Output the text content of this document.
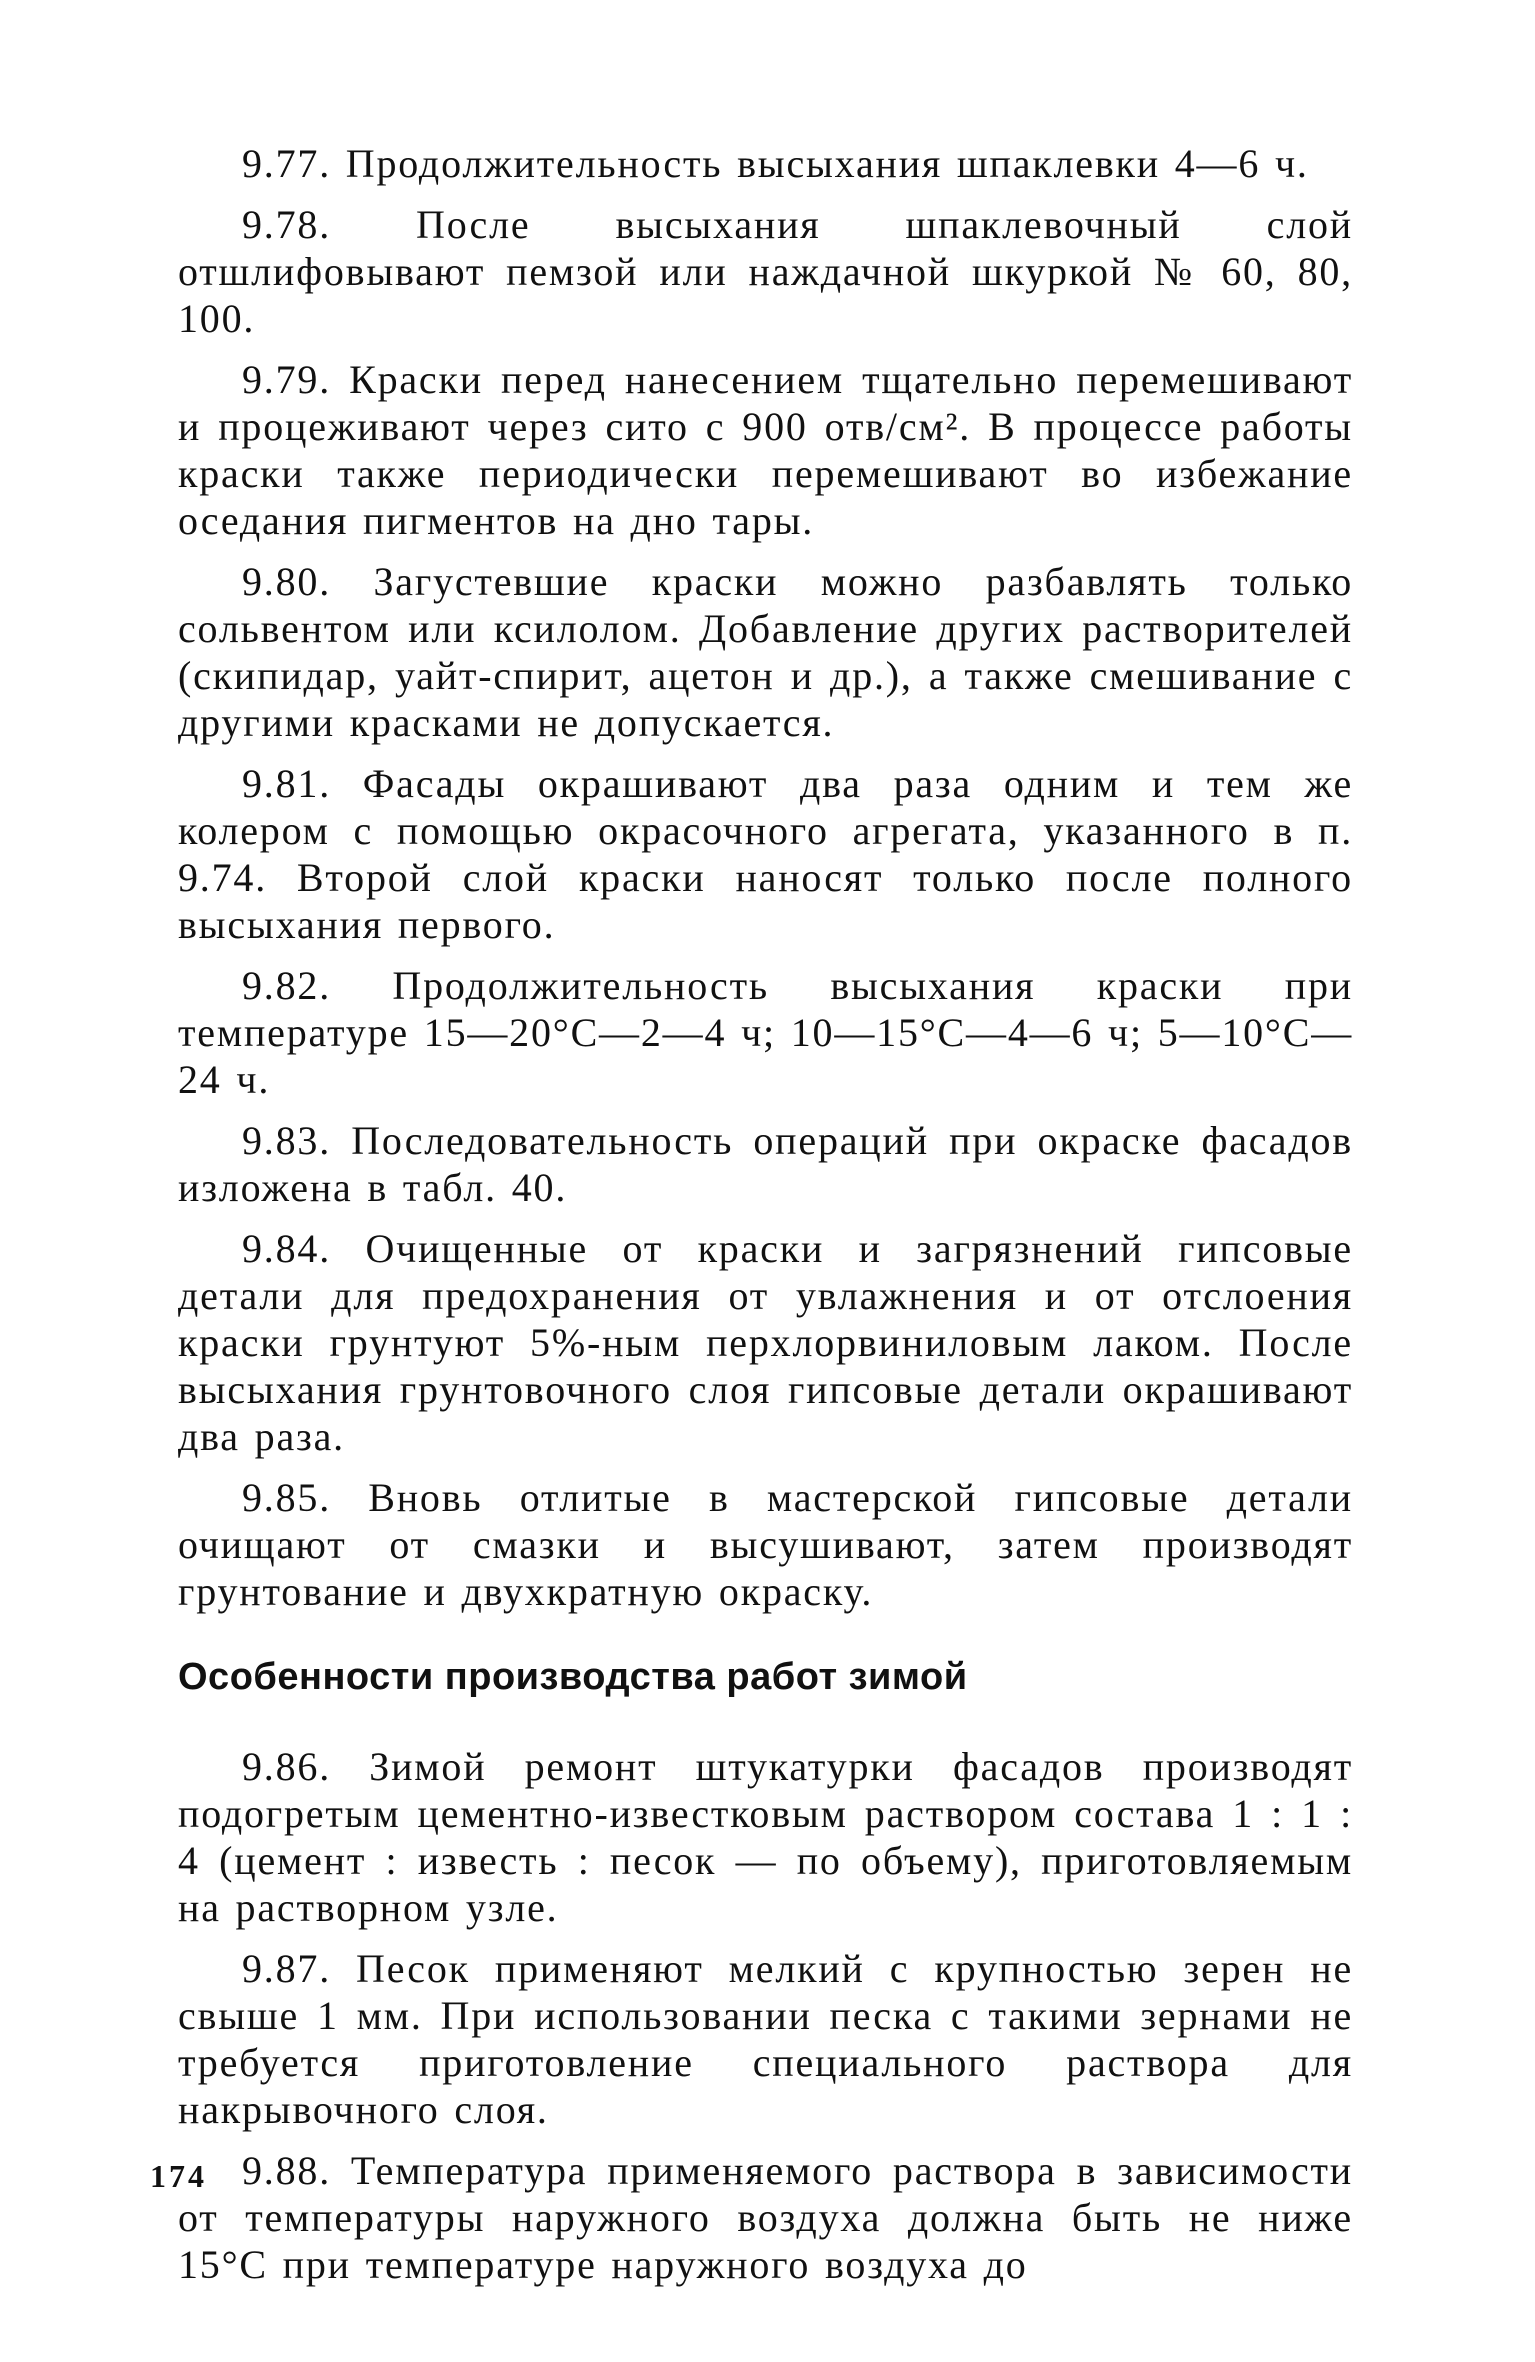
9.77. Продолжительность высыхания шпаклевки 4—6 ч.

9.78. После высыхания шпаклевочный слой отшлифовывают пемзой или наждачной шкуркой № 60, 80, 100.

9.79. Краски перед нанесением тщательно перемешивают и процеживают через сито с 900 отв/см². В процессе работы краски также периодически перемешивают во избежание оседания пигментов на дно тары.

9.80. Загустевшие краски можно разбавлять только сольвентом или ксилолом. Добавление других растворителей (скипидар, уайт-спирит, ацетон и др.), а также смешивание с другими красками не допускается.

9.81. Фасады окрашивают два раза одним и тем же колером с помощью окрасочного агрегата, указанного в п. 9.74. Второй слой краски наносят только после полного высыхания первого.

9.82. Продолжительность высыхания краски при температуре 15—20°C—2—4 ч; 10—15°C—4—6 ч; 5—10°C—24 ч.

9.83. Последовательность операций при окраске фасадов изложена в табл. 40.

9.84. Очищенные от краски и загрязнений гипсовые детали для предохранения от увлажнения и от отслоения краски грунтуют 5%-ным перхлорвиниловым лаком. После высыхания грунтовочного слоя гипсовые детали окрашивают два раза.

9.85. Вновь отлитые в мастерской гипсовые детали очищают от смазки и высушивают, затем производят грунтование и двухкратную окраску.

Особенности производства работ зимой

9.86. Зимой ремонт штукатурки фасадов производят подогретым цементно-известковым раствором состава 1 : 1 : 4 (цемент : известь : песок — по объему), приготовляемым на растворном узле.

9.87. Песок применяют мелкий с крупностью зерен не свыше 1 мм. При использовании песка с такими зернами не требуется приготовление специального раствора для накрывочного слоя.

9.88. Температура применяемого раствора в зависимости от температуры наружного воздуха должна быть не ниже 15°C при температуре наружного воздуха до

174
